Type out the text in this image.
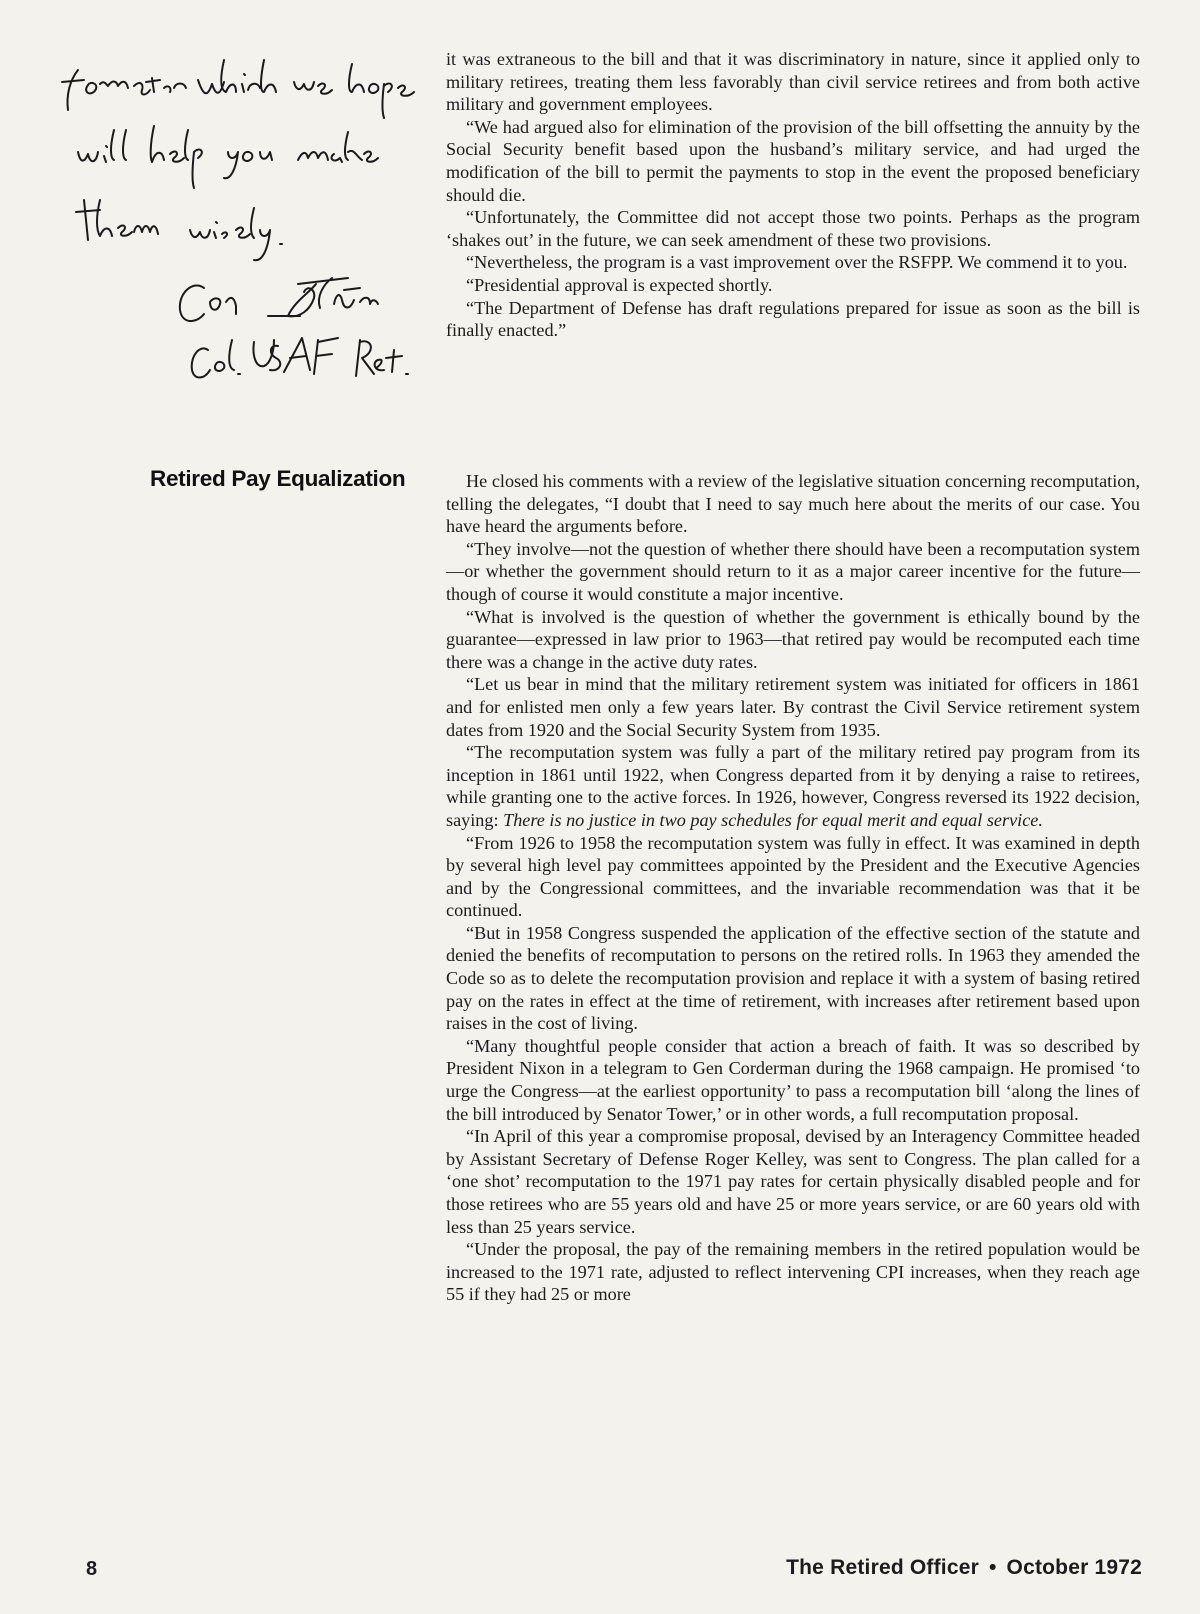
it was extraneous to the bill and that it was discriminatory in nature, since it applied only to military retirees, treating them less favorably than civil service retirees and from both active military and government employees.

“We had argued also for elimination of the provision of the bill offsetting the annuity by the Social Security benefit based upon the husband’s military service, and had urged the modification of the bill to permit the payments to stop in the event the proposed beneficiary should die.

“Unfortunately, the Committee did not accept those two points. Perhaps as the program ‘shakes out’ in the future, we can seek amendment of these two provisions.

“Nevertheless, the program is a vast improvement over the RSFPP. We commend it to you.

“Presidential approval is expected shortly.

“The Department of Defense has draft regulations prepared for issue as soon as the bill is finally enacted.”

Retired Pay Equalization	He closed his comments with a review of the legislative situation concerning recomputation, telling the delegates, “I doubt that I need to say much here about the merits of our case. You have heard the arguments before.

“They involve—not the question of whether there should have been a recomputation system—or whether the government should return to it as a major career incentive for the future—though of course it would constitute a major incentive.

“What is involved is the question of whether the government is ethically bound by the guarantee—expressed in law prior to 1963—that retired pay would be recomputed each time there was a change in the active duty rates.

“Let us bear in mind that the military retirement system was initiated for officers in 1861 and for enlisted men only a few years later. By contrast the Civil Service retirement system dates from 1920 and the Social Security System from 1935.

“The recomputation system was fully a part of the military retired pay program from its inception in 1861 until 1922, when Congress departed from it by denying a raise to retirees, while granting one to the active forces. In 1926, however, Congress reversed its 1922 decision, saying: There is no justice in two pay schedules for equal merit and equal service.

“From 1926 to 1958 the recomputation system was fully in effect. It was examined in depth by several high level pay committees appointed by the President and the Executive Agencies and by the Congressional committees, and the invariable recommendation was that it be continued.

“But in 1958 Congress suspended the application of the effective section of the statute and denied the benefits of recomputation to persons on the retired rolls. In 1963 they amended the Code so as to delete the recomputation provision and replace it with a system of basing retired pay on the rates in effect at the time of retirement, with increases after retirement based upon raises in the cost of living.

“Many thoughtful people consider that action a breach of faith. It was so described by President Nixon in a telegram to Gen Corderman during the 1968 campaign. He promised ‘to urge the Congress—at the earliest opportunity’ to pass a recomputation bill ‘along the lines of the bill introduced by Senator Tower,’ or in other words, a full recomputation proposal.

“In April of this year a compromise proposal, devised by an Interagency Committee headed by Assistant Secretary of Defense Roger Kelley, was sent to Congress. The plan called for a ‘one shot’ recomputation to the 1971 pay rates for certain physically disabled people and for those retirees who are 55 years old and have 25 or more years service, or are 60 years old with less than 25 years service.

“Under the proposal, the pay of the remaining members in the retired population would be increased to the 1971 rate, adjusted to reflect intervening CPI increases, when they reach age 55 if they had 25 or more

8	The Retired Officer • October 1972
